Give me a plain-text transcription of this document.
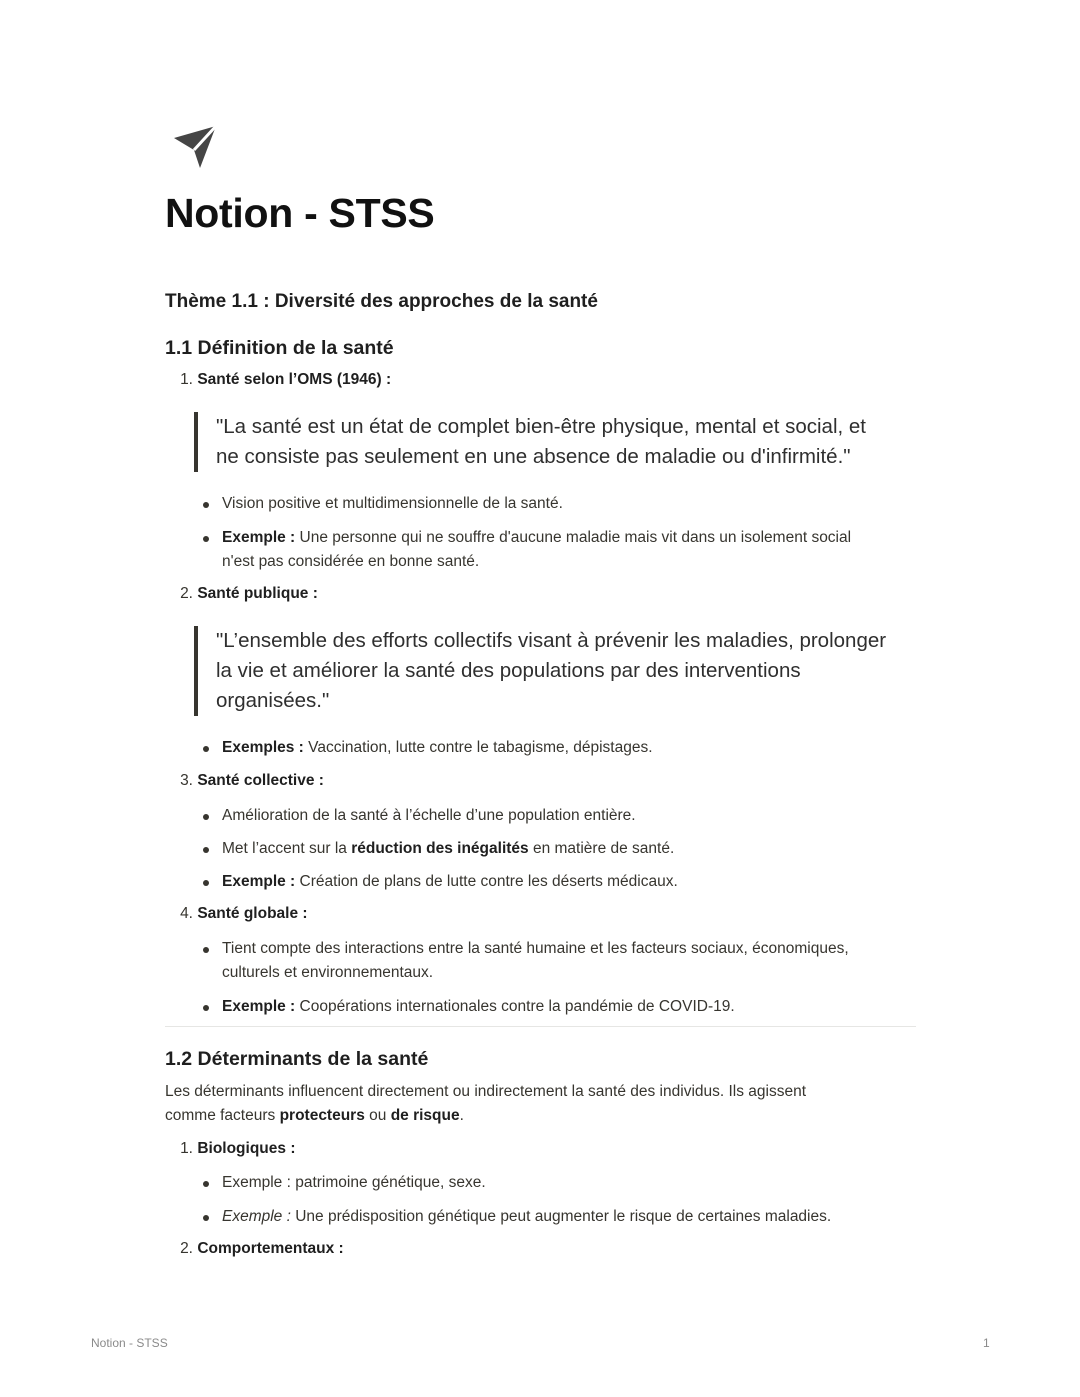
Notion - STSS
Thème 1.1 : Diversité des approches de la santé
1.1 Définition de la santé
1. Santé selon l’OMS (1946) :
"La santé est un état de complet bien-être physique, mental et social, et
ne consiste pas seulement en une absence de maladie ou d'infirmité."
Vision positive et multidimensionnelle de la santé.
Exemple : Une personne qui ne souffre d'aucune maladie mais vit dans un isolement social
n'est pas considérée en bonne santé.
2. Santé publique :
"L’ensemble des efforts collectifs visant à prévenir les maladies, prolonger
la vie et améliorer la santé des populations par des interventions
organisées."
Exemples : Vaccination, lutte contre le tabagisme, dépistages.
3. Santé collective :
Amélioration de la santé à l’échelle d’une population entière.
Met l’accent sur la réduction des inégalités en matière de santé.
Exemple : Création de plans de lutte contre les déserts médicaux.
4. Santé globale :
Tient compte des interactions entre la santé humaine et les facteurs sociaux, économiques,
culturels et environnementaux.
Exemple : Coopérations internationales contre la pandémie de COVID-19.
1.2 Déterminants de la santé
Les déterminants influencent directement ou indirectement la santé des individus. Ils agissent
comme facteurs protecteurs ou de risque.
1. Biologiques :
Exemple : patrimoine génétique, sexe.
Exemple : Une prédisposition génétique peut augmenter le risque de certaines maladies.
2. Comportementaux :
Notion - STSS	1
